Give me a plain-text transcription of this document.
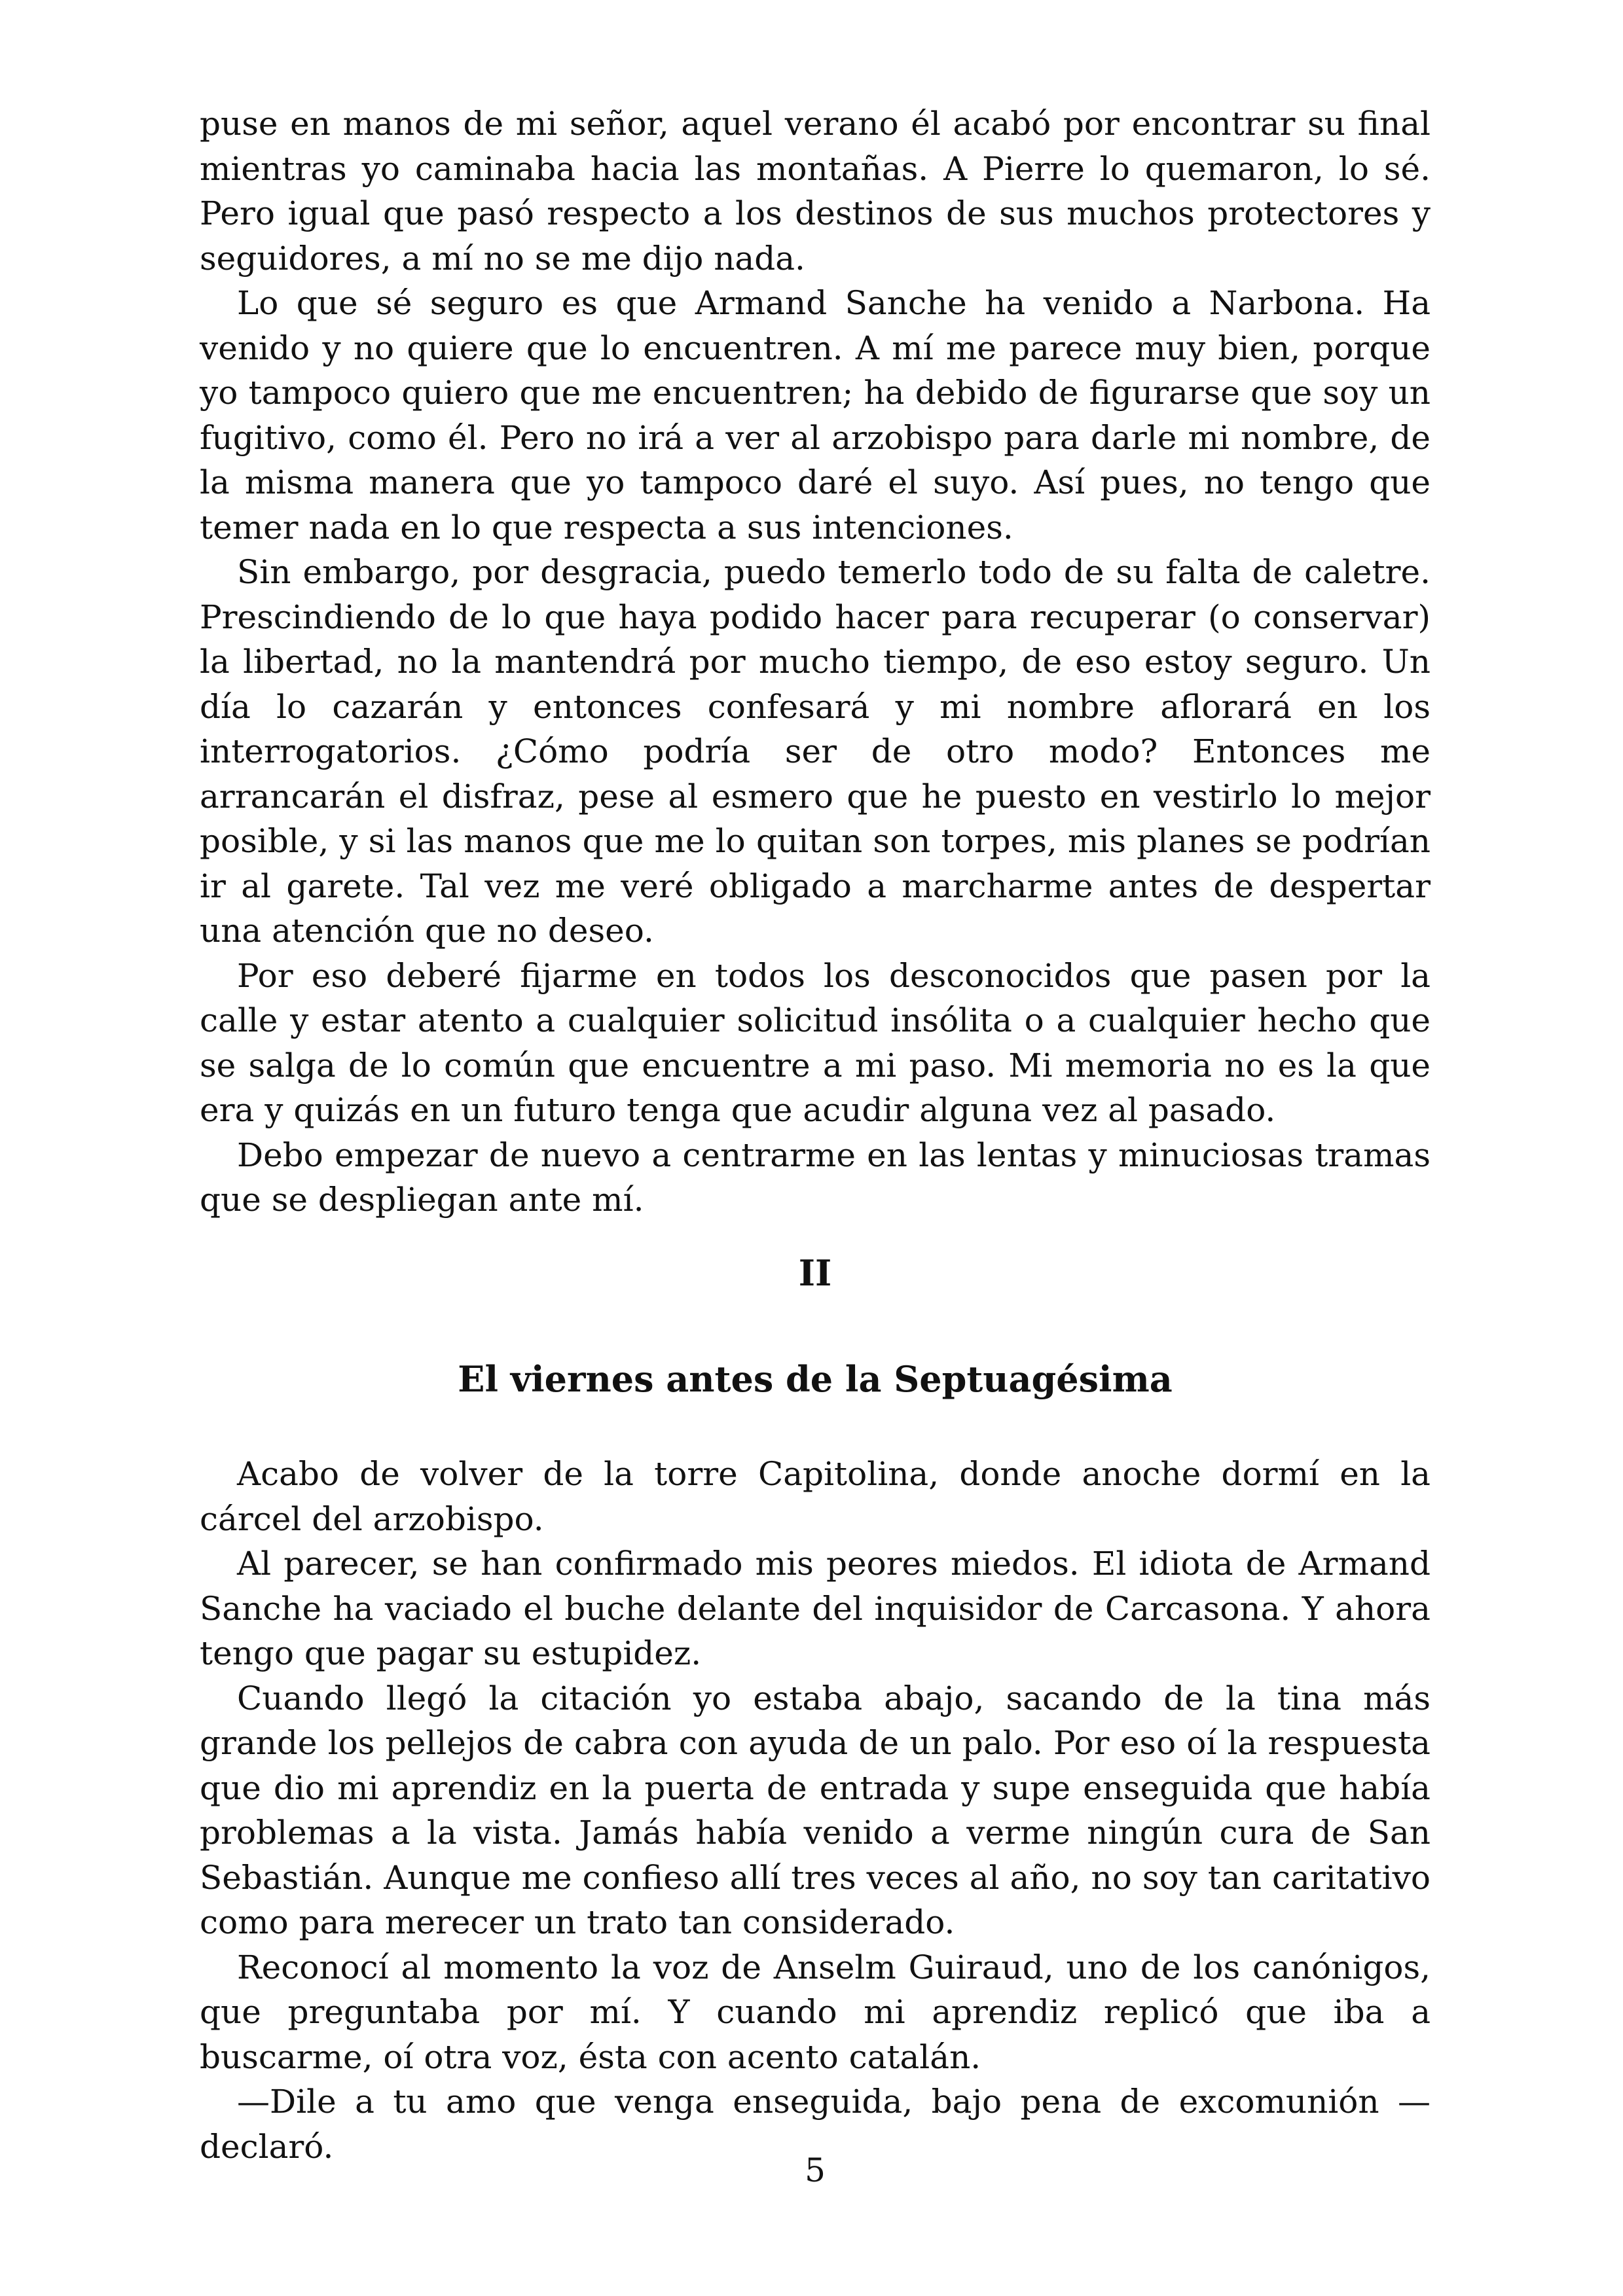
puse en manos de mi señor, aquel verano él acabó por encontrar su final mientras yo caminaba hacia las montañas. A Pierre lo quemaron, lo sé. Pero igual que pasó respecto a los destinos de sus muchos protectores y seguidores, a mí no se me dijo nada.

Lo que sé seguro es que Armand Sanche ha venido a Narbona. Ha venido y no quiere que lo encuentren. A mí me parece muy bien, porque yo tampoco quiero que me encuentren; ha debido de figurarse que soy un fugitivo, como él. Pero no irá a ver al arzobispo para darle mi nombre, de la misma manera que yo tampoco daré el suyo. Así pues, no tengo que temer nada en lo que respecta a sus intenciones.

Sin embargo, por desgracia, puedo temerlo todo de su falta de caletre. Prescindiendo de lo que haya podido hacer para recuperar (o conservar) la libertad, no la mantendrá por mucho tiempo, de eso estoy seguro. Un día lo cazarán y entonces confesará y mi nombre aflorará en los interrogatorios. ¿Cómo podría ser de otro modo? Entonces me arrancarán el disfraz, pese al esmero que he puesto en vestirlo lo mejor posible, y si las manos que me lo quitan son torpes, mis planes se podrían ir al garete. Tal vez me veré obligado a marcharme antes de despertar una atención que no deseo.

Por eso deberé fijarme en todos los desconocidos que pasen por la calle y estar atento a cualquier solicitud insólita o a cualquier hecho que se salga de lo común que encuentre a mi paso. Mi memoria no es la que era y quizás en un futuro tenga que acudir alguna vez al pasado.

Debo empezar de nuevo a centrarme en las lentas y minuciosas tramas que se despliegan ante mí.

II
El viernes antes de la Septuagésima

Acabo de volver de la torre Capitolina, donde anoche dormí en la cárcel del arzobispo.

Al parecer, se han confirmado mis peores miedos. El idiota de Armand Sanche ha vaciado el buche delante del inquisidor de Carcasona. Y ahora tengo que pagar su estupidez.

Cuando llegó la citación yo estaba abajo, sacando de la tina más grande los pellejos de cabra con ayuda de un palo. Por eso oí la respuesta que dio mi aprendiz en la puerta de entrada y supe enseguida que había problemas a la vista. Jamás había venido a verme ningún cura de San Sebastián. Aunque me confieso allí tres veces al año, no soy tan caritativo como para merecer un trato tan considerado.

Reconocí al momento la voz de Anselm Guiraud, uno de los canónigos, que preguntaba por mí. Y cuando mi aprendiz replicó que iba a buscarme, oí otra voz, ésta con acento catalán.

—Dile a tu amo que venga enseguida, bajo pena de excomunión —declaró.

5
